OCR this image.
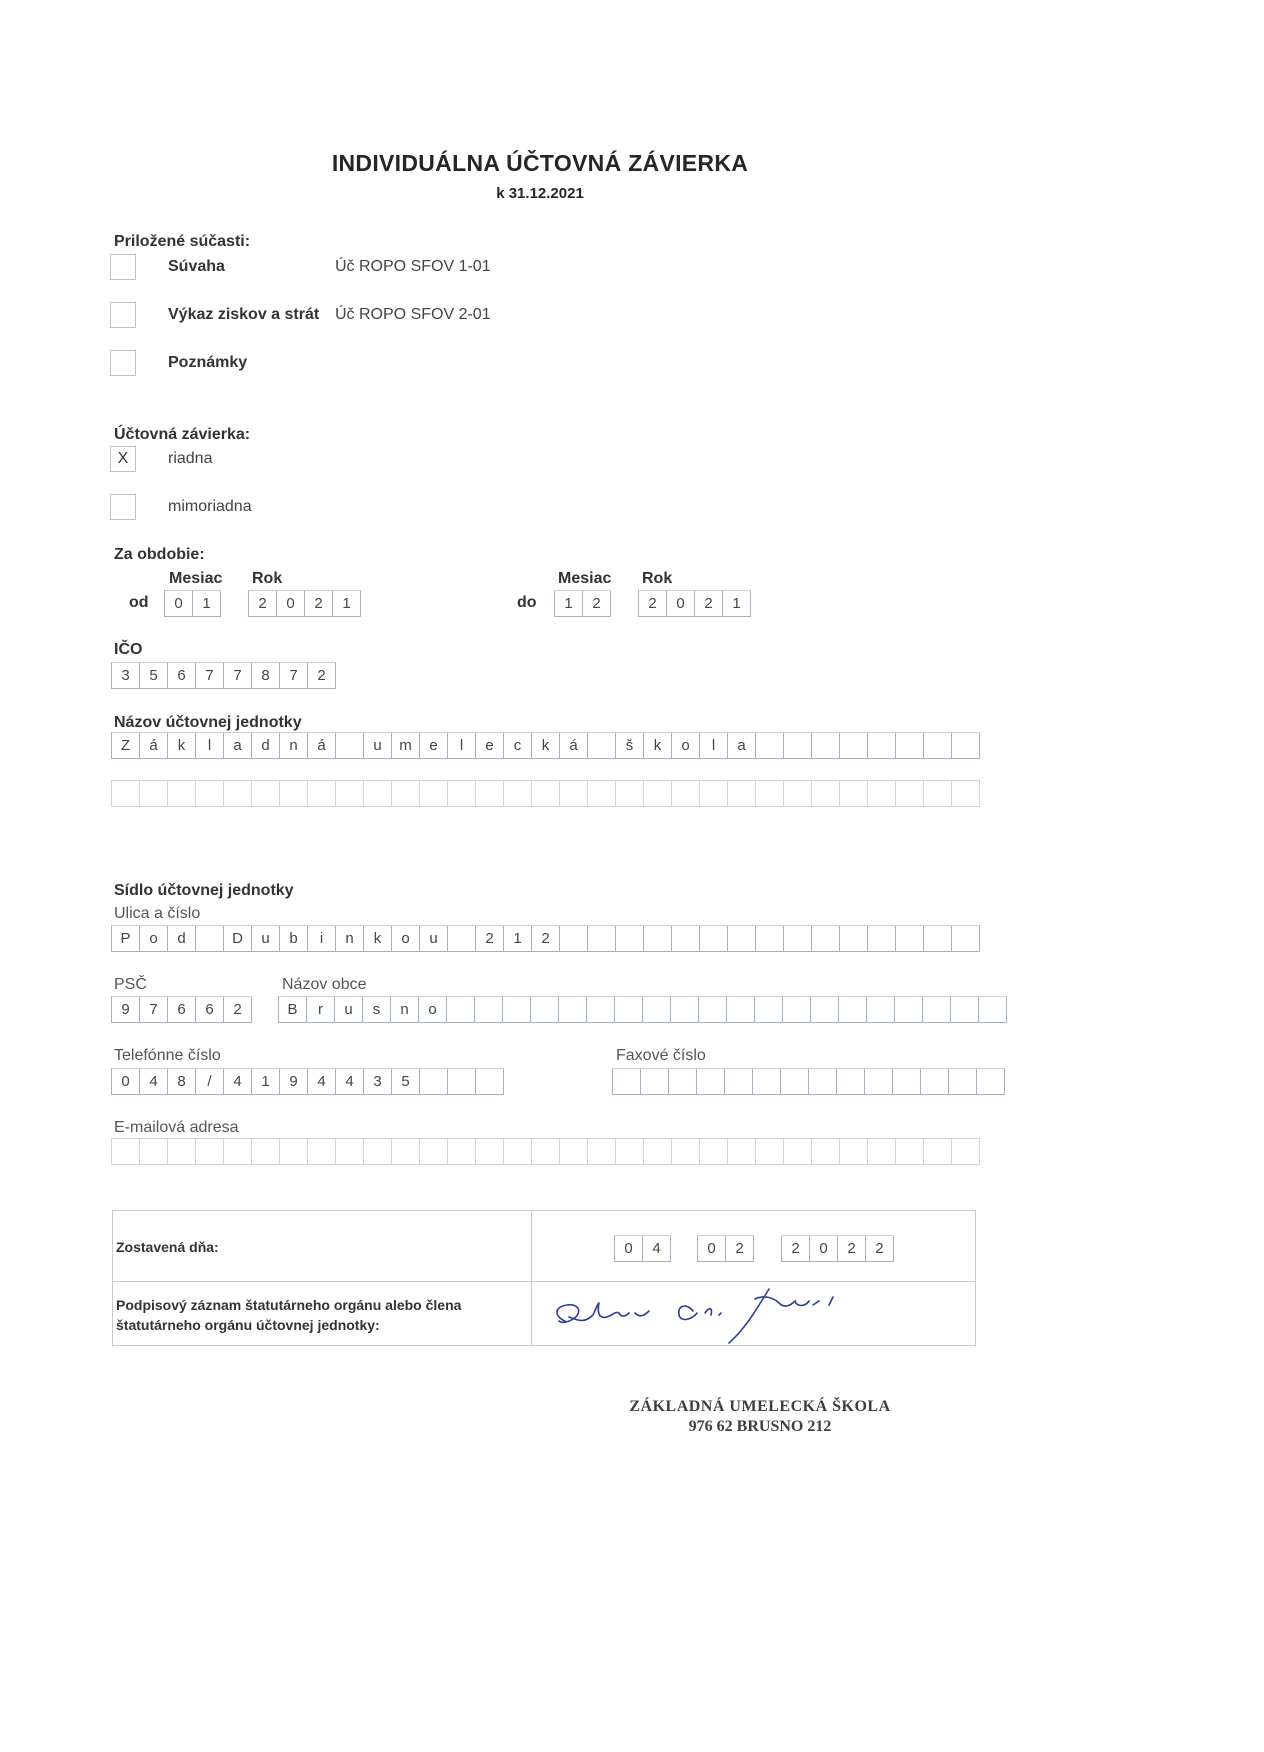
INDIVIDUÁLNA ÚČTOVNÁ ZÁVIERKA
k 31.12.2021
Priložené súčasti:
Súvaha	Úč ROPO SFOV 1-01
Výkaz ziskov a strát Úč ROPO SFOV 2-01
Poznámky
Účtovná závierka:
X	riadna
mimoriadna
Za obdobie:
Mesiac Rok
od	0	1	2	0	2	1
Mesiac Rok
do	1	2	2	0	2	1
IČO
3	5	6	7	7	8	7	2
Názov účtovnej jednotky
Z	á	k	l	a	d	n	á	u	m	e	l	e	c	k	á	š	k	o	l	a
Sídlo účtovnej jednotky
Ulica a číslo
P	o	d	D	u	b	i	n	k	o	u	2	1	2
PSČ
9	7	6	6	2
Názov obce
B	r	u	s	n	o
Telefónne číslo
0	4	8	/	4	1	9	4	4	3	5
Faxové číslo
E-mailová adresa
Zostavená dňa:	0	4	0	2	2	0	2	2
Podpisový záznam štatutárneho orgánu alebo člena
štatutárneho orgánu účtovnej jednotky:
ZÁKLADNÁ UMELECKÁ ŠKOLA
976 62 BRUSNO 212
